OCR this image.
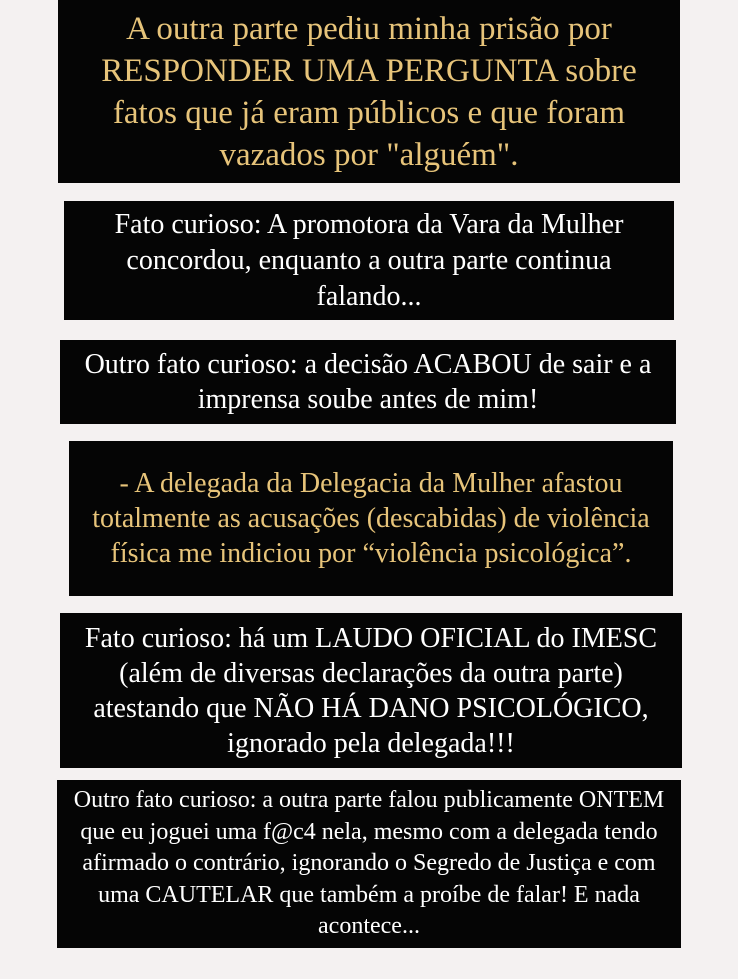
A outra parte pediu minha prisão por RESPONDER UMA PERGUNTA sobre fatos que já eram públicos e que foram vazados por "alguém".

Fato curioso: A promotora da Vara da Mulher concordou, enquanto a outra parte continua falando...

Outro fato curioso: a decisão ACABOU de sair e a imprensa soube antes de mim!

- A delegada da Delegacia da Mulher afastou totalmente as acusações (descabidas) de violência física me indiciou por “violência psicológica”.

Fato curioso: há um LAUDO OFICIAL do IMESC (além de diversas declarações da outra parte) atestando que NÃO HÁ DANO PSICOLÓGICO, ignorado pela delegada!!!

Outro fato curioso: a outra parte falou publicamente ONTEM que eu joguei uma f@c4 nela, mesmo com a delegada tendo afirmado o contrário, ignorando o Segredo de Justiça e com uma CAUTELAR que também a proíbe de falar! E nada acontece...
